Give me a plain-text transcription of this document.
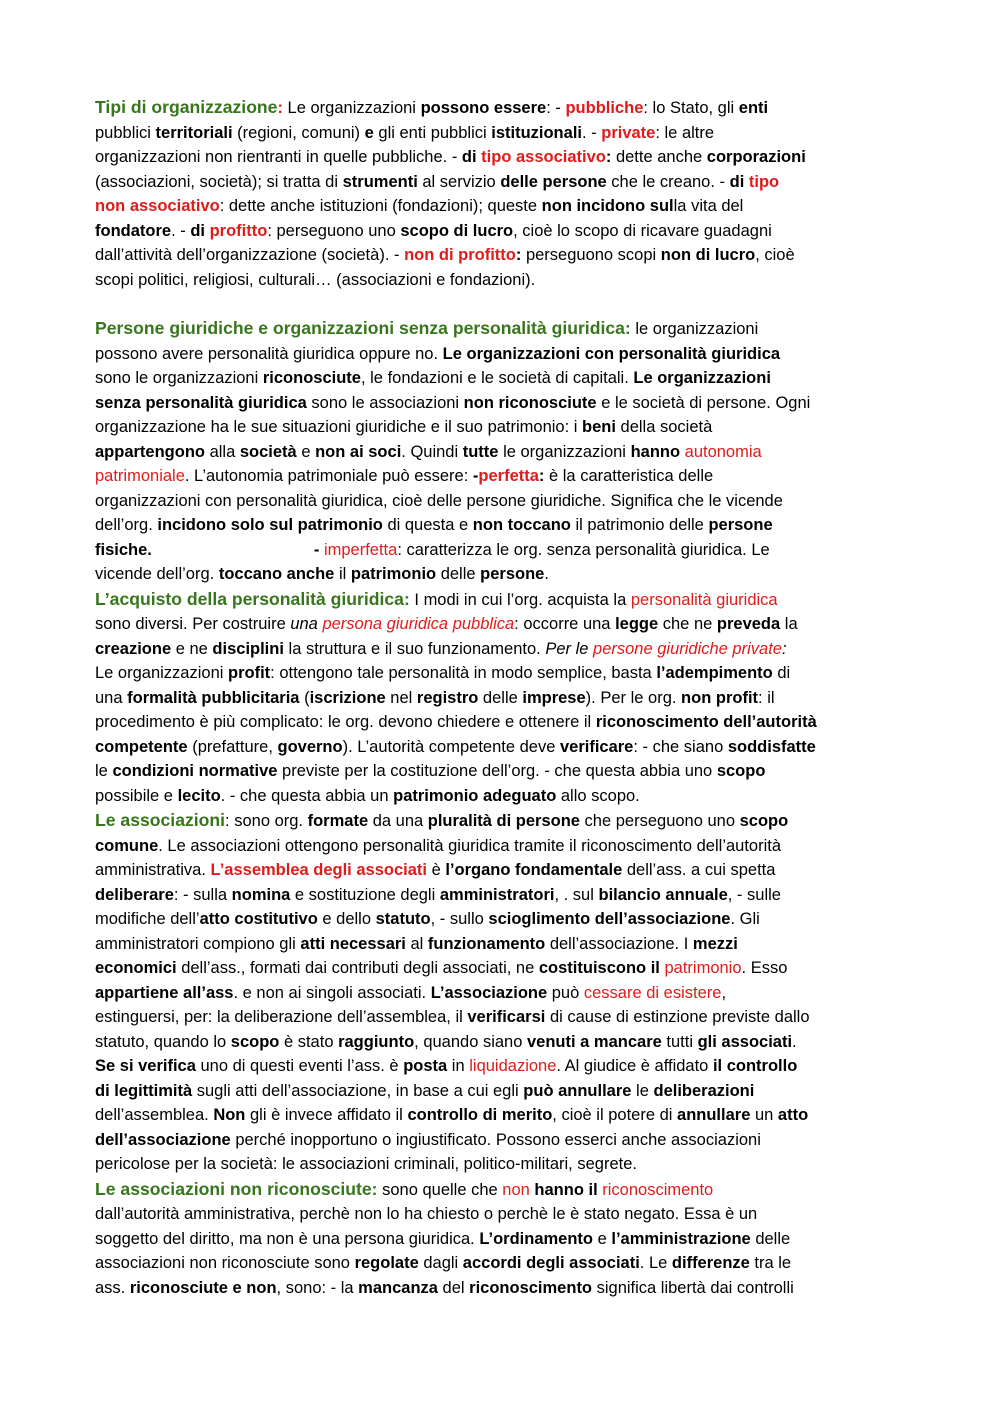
Tipi di organizzazione: Le organizzazioni possono essere: - pubbliche: lo Stato, gli enti
pubblici territoriali (regioni, comuni) e gli enti pubblici istituzionali. - private: le altre
organizzazioni non rientranti in quelle pubbliche. - di tipo associativo: dette anche corporazioni
(associazioni, società); si tratta di strumenti al servizio delle persone che le creano. - di tipo
non associativo: dette anche istituzioni (fondazioni); queste non incidono sulla vita del
fondatore. - di profitto: perseguono uno scopo di lucro, cioè lo scopo di ricavare guadagni
dall’attività dell’organizzazione (società). - non di profitto: perseguono scopi non di lucro, cioè
scopi politici, religiosi, culturali… (associazioni e fondazioni).
Persone giuridiche e organizzazioni senza personalità giuridica: le organizzazioni
possono avere personalità giuridica oppure no. Le organizzazioni con personalità giuridica
sono le organizzazioni riconosciute, le fondazioni e le società di capitali. Le organizzazioni
senza personalità giuridica sono le associazioni non riconosciute e le società di persone. Ogni
organizzazione ha le sue situazioni giuridiche e il suo patrimonio: i beni della società
appartengono alla società e non ai soci. Quindi tutte le organizzazioni hanno autonomia
patrimoniale. L’autonomia patrimoniale può essere: -perfetta: è la caratteristica delle
organizzazioni con personalità giuridica, cioè delle persone giuridiche. Significa che le vicende
dell’org. incidono solo sul patrimonio di questa e non toccano il patrimonio delle persone
fisiche.	- imperfetta: caratterizza le org. senza personalità giuridica. Le
vicende dell’org. toccano anche il patrimonio delle persone.
L’acquisto della personalità giuridica: I modi in cui l’org. acquista la personalità giuridica
sono diversi. Per costruire una persona giuridica pubblica: occorre una legge che ne preveda la
creazione e ne disciplini la struttura e il suo funzionamento. Per le persone giuridiche private:
Le organizzazioni profit: ottengono tale personalità in modo semplice, basta l’adempimento di
una formalità pubblicitaria (iscrizione nel registro delle imprese). Per le org. non profit: il
procedimento è più complicato: le org. devono chiedere e ottenere il riconoscimento dell’autorità
competente (prefatture, governo). L’autorità competente deve verificare: - che siano soddisfatte
le condizioni normative previste per la costituzione dell’org. - che questa abbia uno scopo
possibile e lecito. - che questa abbia un patrimonio adeguato allo scopo.
Le associazioni: sono org. formate da una pluralità di persone che perseguono uno scopo
comune. Le associazioni ottengono personalità giuridica tramite il riconoscimento dell’autorità
amministrativa. L’assemblea degli associati è l’organo fondamentale dell’ass. a cui spetta
deliberare: - sulla nomina e sostituzione degli amministratori, . sul bilancio annuale, - sulle
modifiche dell’atto costitutivo e dello statuto, - sullo scioglimento dell’associazione. Gli
amministratori compiono gli atti necessari al funzionamento dell’associazione. I mezzi
economici dell’ass., formati dai contributi degli associati, ne costituiscono il patrimonio. Esso
appartiene all’ass. e non ai singoli associati. L’associazione può cessare di esistere,
estinguersi, per: la deliberazione dell’assemblea, il verificarsi di cause di estinzione previste dallo
statuto, quando lo scopo è stato raggiunto, quando siano venuti a mancare tutti gli associati.
Se si verifica uno di questi eventi l’ass. è posta in liquidazione. Al giudice è affidato il controllo
di legittimità sugli atti dell’associazione, in base a cui egli può annullare le deliberazioni
dell’assemblea. Non gli è invece affidato il controllo di merito, cioè il potere di annullare un atto
dell’associazione perché inopportuno o ingiustificato. Possono esserci anche associazioni
pericolose per la società: le associazioni criminali, politico-militari, segrete.
Le associazioni non riconosciute: sono quelle che non hanno il riconoscimento
dall’autorità amministrativa, perchè non lo ha chiesto o perchè le è stato negato. Essa è un
soggetto del diritto, ma non è una persona giuridica. L’ordinamento e l’amministrazione delle
associazioni non riconosciute sono regolate dagli accordi degli associati. Le differenze tra le
ass. riconosciute e non, sono: - la mancanza del riconoscimento significa libertà dai controlli
